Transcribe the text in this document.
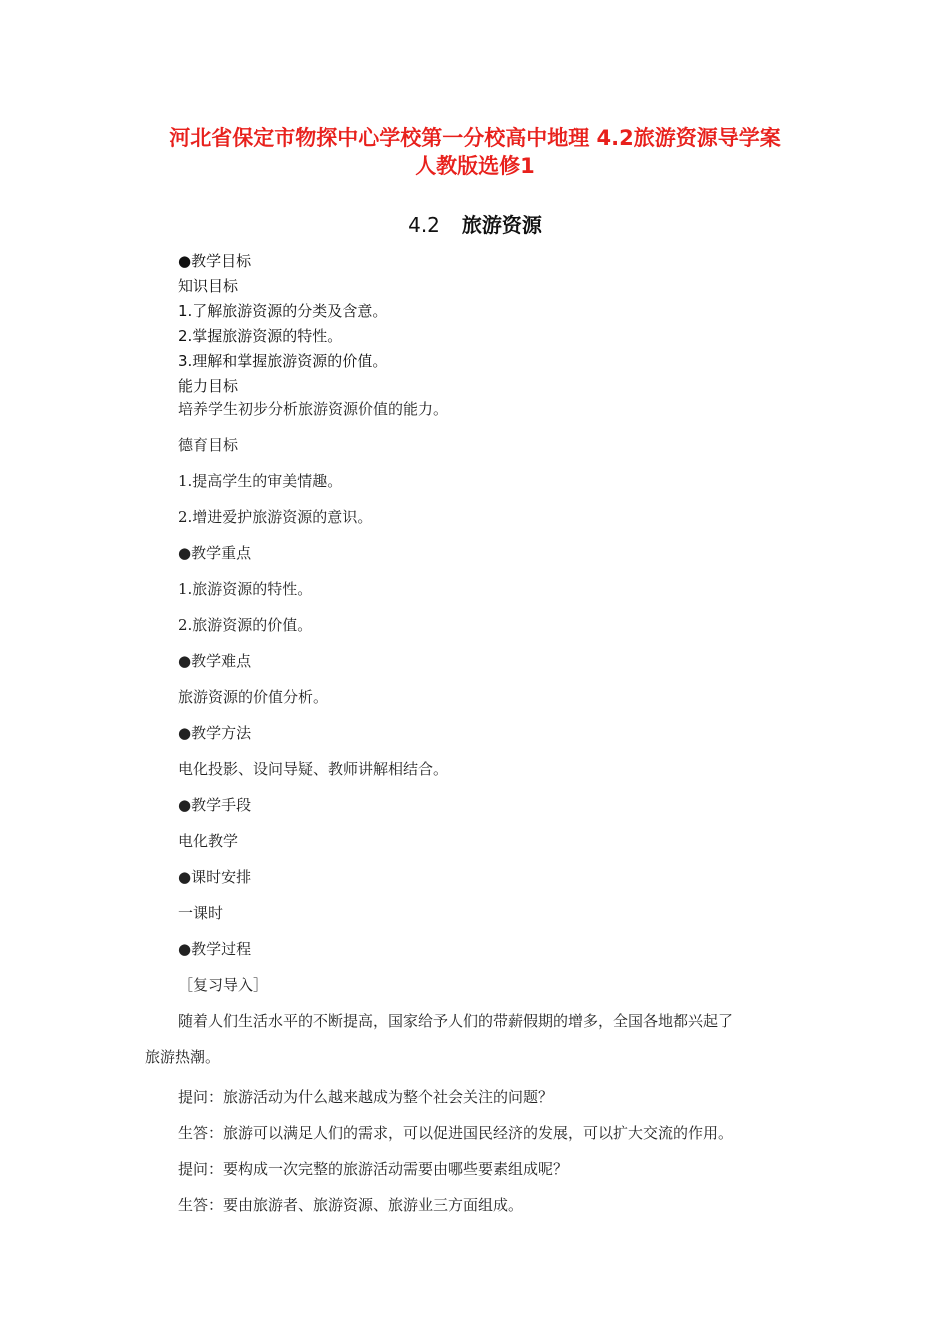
河北省保定市物探中心学校第一分校高中地理 4.2旅游资源导学案
人教版选修1
4.2 旅游资源
●教学目标
知识目标
1.了解旅游资源的分类及含意。
2.掌握旅游资源的特性。
3.理解和掌握旅游资源的价值。
能力目标
培养学生初步分析旅游资源价值的能力。
德育目标
1.提高学生的审美情趣。
2.增进爱护旅游资源的意识。
●教学重点
1.旅游资源的特性。
2.旅游资源的价值。
●教学难点
旅游资源的价值分析。
●教学方法
电化投影、设问导疑、教师讲解相结合。
●教学手段
电化教学
●课时安排
一课时
●教学过程
［复习导入］
随着人们生活水平的不断提高，国家给予人们的带薪假期的增多，全国各地都兴起了
旅游热潮。
提问：旅游活动为什么越来越成为整个社会关注的问题？
生答：旅游可以满足人们的需求，可以促进国民经济的发展，可以扩大交流的作用。
提问：要构成一次完整的旅游活动需要由哪些要素组成呢？
生答：要由旅游者、旅游资源、旅游业三方面组成。
